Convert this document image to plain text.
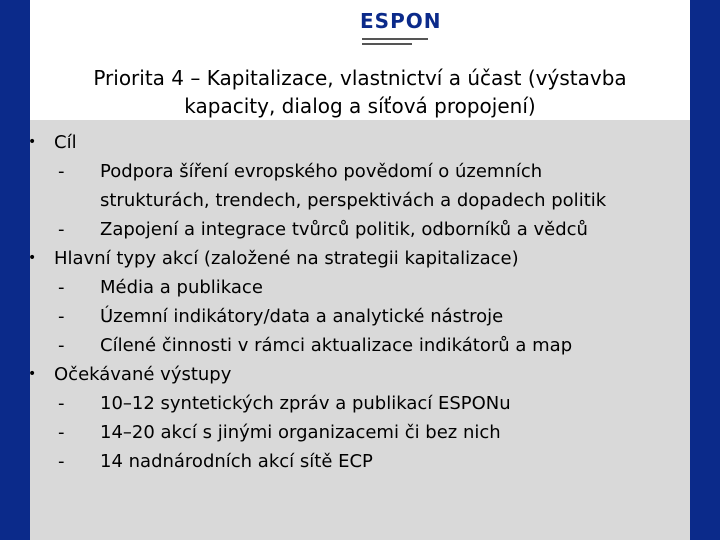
ESPON
Priorita 4 – Kapitalizace, vlastnictví a účast (výstavba
kapacity, dialog a síťová propojení)
• Cíl
- Podpora šíření evropského povědomí o územních
strukturách, trendech, perspektivách a dopadech politik
- Zapojení a integrace tvůrců politik, odborníků a vědců
• Hlavní typy akcí (založené na strategii kapitalizace)
- Média a publikace
- Územní indikátory/data a analytické nástroje
- Cílené činnosti v rámci aktualizace indikátorů a map
• Očekávané výstupy
- 10–12 syntetických zpráv a publikací ESPONu
- 14–20 akcí s jinými organizacemi či bez nich
- 14 nadnárodních akcí sítě ECP
